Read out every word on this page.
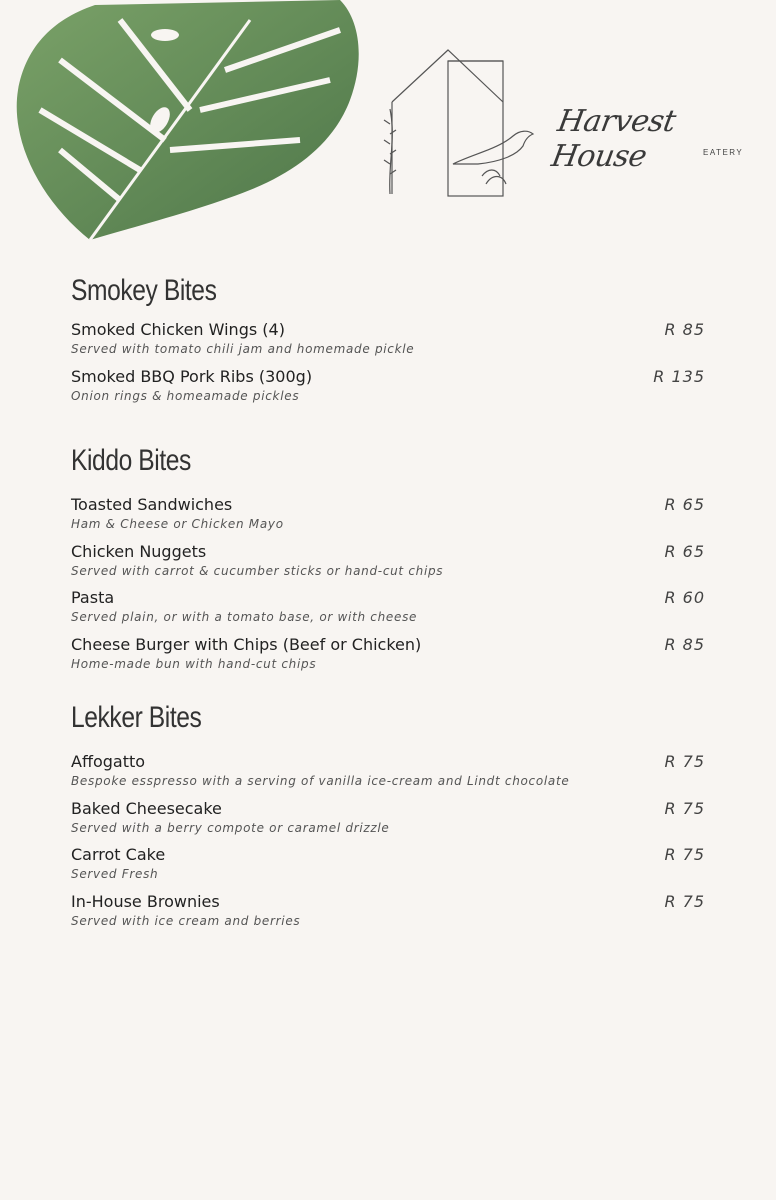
Harvest House	EATERY
Smokey Bites
Smoked Chicken Wings (4)
Served with tomato chili jam and homemade pickle
R 85
Smoked BBQ Pork Ribs (300g)
Onion rings & homeamade pickles
R 135
Kiddo Bites
Toasted Sandwiches
Ham & Cheese or Chicken Mayo
R 65
Chicken Nuggets
Served with carrot & cucumber sticks or hand-cut chips
R 65
Pasta
Served plain, or with a tomato base, or with cheese
R 60
Cheese Burger with Chips (Beef or Chicken)
Home-made bun with hand-cut chips
R 85
Lekker Bites
Affogatto
Bespoke esspresso with a serving of vanilla ice-cream and Lindt chocolate
R 75
Baked Cheesecake
Served with a berry compote or caramel drizzle
R 75
Carrot Cake
Served Fresh
R 75
In-House Brownies
Served with ice cream and berries
R 75
